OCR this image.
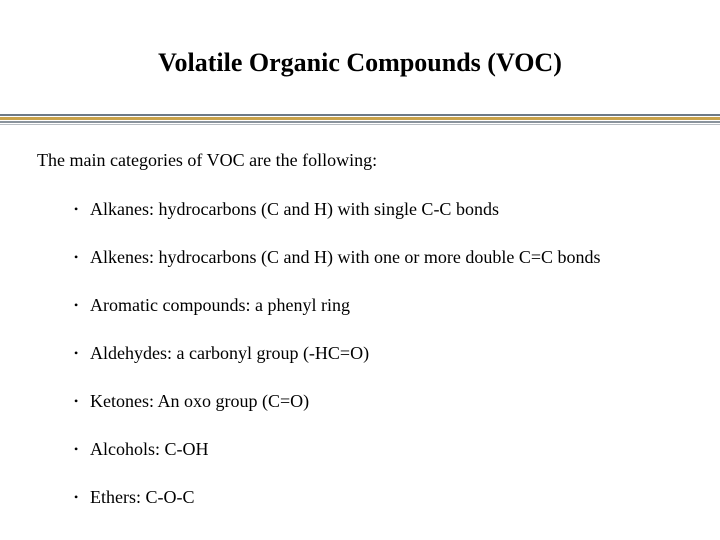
Volatile Organic Compounds (VOC)

The main categories of VOC are the following:

• Alkanes: hydrocarbons (C and H) with single C-C bonds
• Alkenes: hydrocarbons (C and H) with one or more double C=C bonds
• Aromatic compounds: a phenyl ring
• Aldehydes: a carbonyl group (-HC=O)
• Ketones: An oxo group (C=O)
• Alcohols: C-OH
• Ethers: C-O-C
